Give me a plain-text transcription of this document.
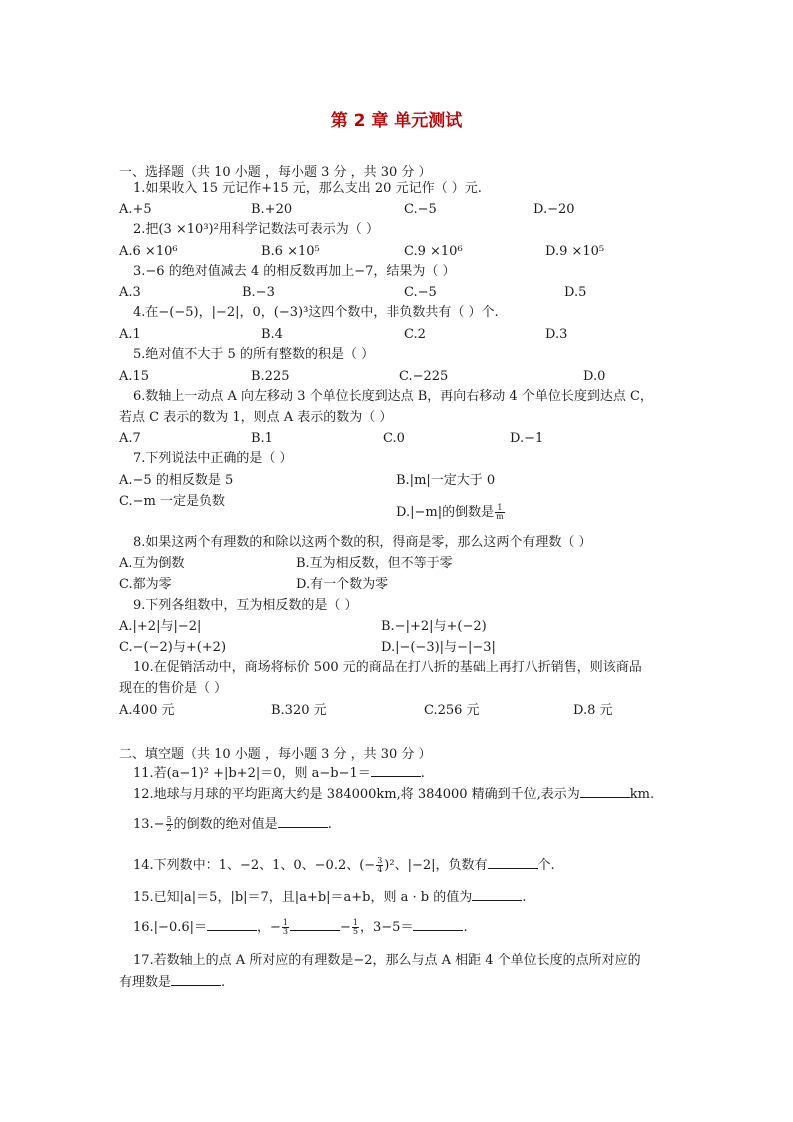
第 2 章 单元测试
一、选择题（共 10 小题 ，每小题 3 分 ，共 30 分 ）
1.如果收入 15 元记作+15 元，那么支出 20 元记作（ ）元.
A.+5	B.+20	C.−5	D.−20
2.把(3 ×10³)²用科学记数法可表示为（ ）
A.6 ×10⁶	B.6 ×10⁵	C.9 ×10⁶	D.9 ×10⁵
3.−6 的绝对值减去 4 的相反数再加上−7，结果为（ ）
A.3	B.−3	C.−5	D.5
4.在−(−5)，|−2|，0，(−3)³这四个数中，非负数共有（ ）个.
A.1	B.4	C.2	D.3
5.绝对值不大于 5 的所有整数的积是（ ）
A.15	B.225	C.−225	D.0
6.数轴上一动点 A 向左移动 3 个单位长度到达点 B，再向右移动 4 个单位长度到达点 C，
若点 C 表示的数为 1，则点 A 表示的数为（ ）
A.7	B.1	C.0	D.−1
7.下列说法中正确的是（ ）
A.−5 的相反数是 5	B.|m|一定大于 0
C.−m 一定是负数
D.|−m|的倒数是 $\frac{1}{m}$
8.如果这两个有理数的和除以这两个数的积，得商是零，那么这两个有理数（ ）
A.互为倒数	B.互为相反数，但不等于零
C.都为零	D.有一个数为零
9.下列各组数中，互为相反数的是（ ）
A.|+2|与|−2|	B.−|+2|与+(−2)
C.−(−2)与+(+2)	D.|−(−3)|与−|−3|
10.在促销活动中，商场将标价 500 元的商品在打八折的基础上再打八折销售，则该商品
现在的售价是（ ）
A.400 元	B.320 元	C.256 元	D.8 元
二、填空题（共 10 小题 ，每小题 3 分 ，共 30 分 ）
11.若(a−1)² +|b+2|＝0，则 a−b−1＝	.
12.地球与月球的平均距离大约是 384000km,将 384000 精确到千位,表示为	km.
$13.- \frac{5}{2}$ 的倒数的绝对值是	.
14.下列数中：1、−2、1、0、−0.2、(− $\frac{3}{4} )^2$、|−2|，负数有	个.
15.已知|a|＝5，|b|＝7，且|a+b|＝a+b，则 a · b 的值为	.
16.|−0.6|＝	，− $\frac{1}{3}$	− $\frac{1}{5}$ ，3−5＝	.
17.若数轴上的点 A 所对应的有理数是−2，那么与点 A 相距 4 个单位长度的点所对应的
有理数是	.
